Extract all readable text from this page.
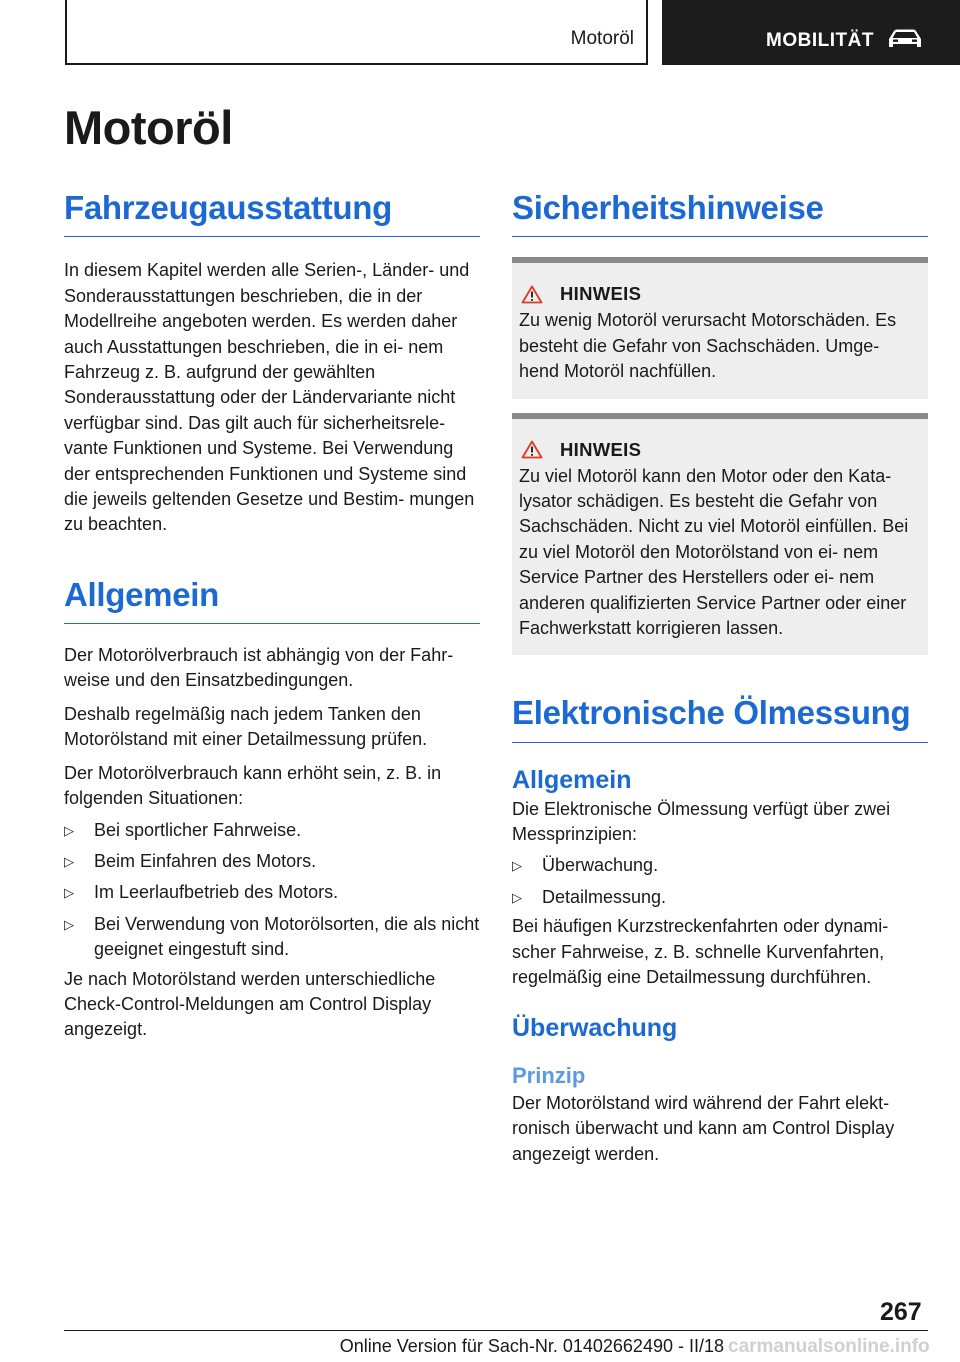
Motoröl	MOBILITÄT
Motoröl
Fahrzeugausstattung

In diesem Kapitel werden alle Serien-, Länder- und Sonderausstattungen beschrieben, die in der Modellreihe angeboten werden. Es werden daher auch Ausstattungen beschrieben, die in ei- nem Fahrzeug z. B. aufgrund der gewählten Sonderausstattung oder der Ländervariante nicht verfügbar sind. Das gilt auch für sicherheitsrele- vante Funktionen und Systeme. Bei Verwendung der entsprechenden Funktionen und Systeme sind die jeweils geltenden Gesetze und Bestim- mungen zu beachten.

Allgemein

Der Motorölverbrauch ist abhängig von der Fahr- weise und den Einsatzbedingungen.

Deshalb regelmäßig nach jedem Tanken den Motorölstand mit einer Detailmessung prüfen.

Der Motorölverbrauch kann erhöht sein, z. B. in folgenden Situationen:

▷ Bei sportlicher Fahrweise.
▷ Beim Einfahren des Motors.
▷ Im Leerlaufbetrieb des Motors.
▷ Bei Verwendung von Motorölsorten, die als nicht geeignet eingestuft sind.

Je nach Motorölstand werden unterschiedliche Check-Control-Meldungen am Control Display angezeigt.

Sicherheitshinweise
HINWEIS

Zu wenig Motoröl verursacht Motorschäden. Es besteht die Gefahr von Sachschäden. Umge- hend Motoröl nachfüllen.

HINWEIS

Zu viel Motoröl kann den Motor oder den Kata- lysator schädigen. Es besteht die Gefahr von Sachschäden. Nicht zu viel Motoröl einfüllen. Bei zu viel Motoröl den Motorölstand von ei- nem Service Partner des Herstellers oder ei- nem anderen qualifizierten Service Partner oder einer Fachwerkstatt korrigieren lassen.

Elektronische Ölmessung
Allgemein

Die Elektronische Ölmessung verfügt über zwei Messprinzipien:

▷ Überwachung.
▷ Detailmessung.

Bei häufigen Kurzstreckenfahrten oder dynami- scher Fahrweise, z. B. schnelle Kurvenfahrten, regelmäßig eine Detailmessung durchführen.

Überwachung
Prinzip

Der Motorölstand wird während der Fahrt elekt- ronisch überwacht und kann am Control Display angezeigt werden.

267
carmanualsonline.info
Online Version für Sach-Nr. 01402662490 - II/18
